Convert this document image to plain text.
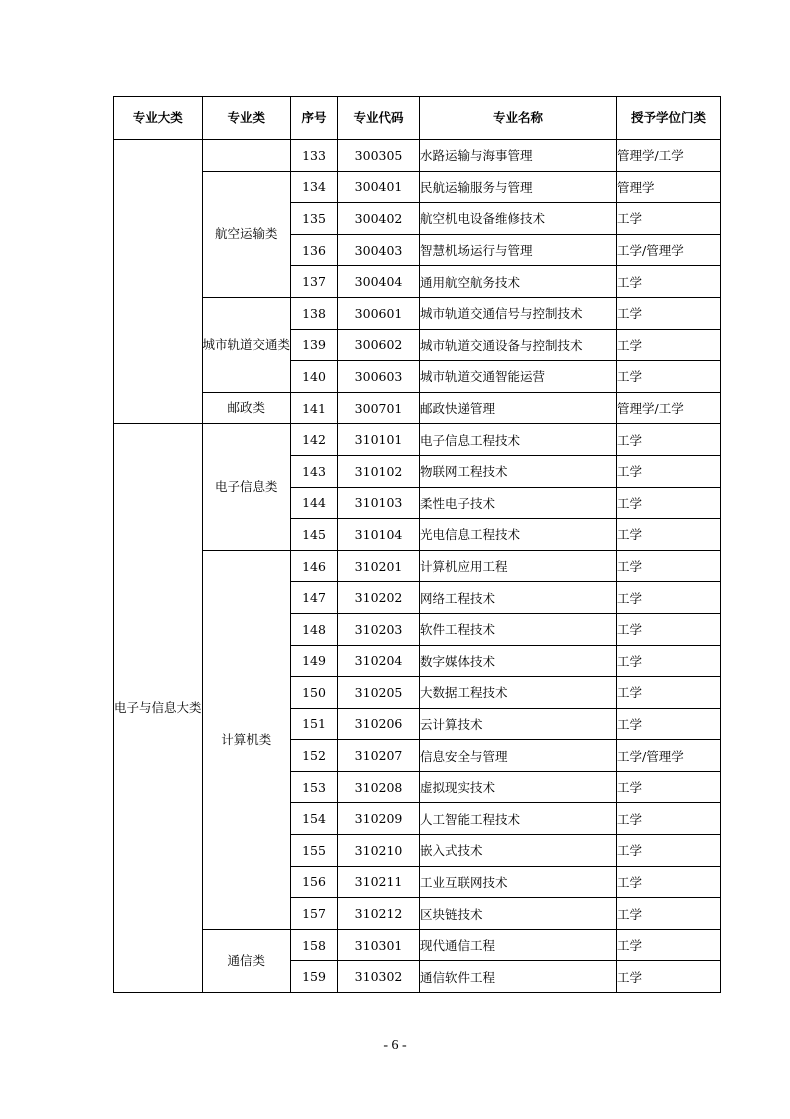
专业大类	专业类	序号	专业代码	专业名称	授予学位门类
		133	300305	水路运输与海事管理	管理学/工学
	航空运输类	134	300401	民航运输服务与管理	管理学
		135	300402	航空机电设备维修技术	工学
		136	300403	智慧机场运行与管理	工学/管理学
		137	300404	通用航空航务技术	工学
	城市轨道交通类	138	300601	城市轨道交通信号与控制技术	工学
		139	300602	城市轨道交通设备与控制技术	工学
		140	300603	城市轨道交通智能运营	工学
	邮政类	141	300701	邮政快递管理	管理学/工学
电子与信息大类	电子信息类	142	310101	电子信息工程技术	工学
		143	310102	物联网工程技术	工学
		144	310103	柔性电子技术	工学
		145	310104	光电信息工程技术	工学
	计算机类	146	310201	计算机应用工程	工学
		147	310202	网络工程技术	工学
		148	310203	软件工程技术	工学
		149	310204	数字媒体技术	工学
		150	310205	大数据工程技术	工学
		151	310206	云计算技术	工学
		152	310207	信息安全与管理	工学/管理学
		153	310208	虚拟现实技术	工学
		154	310209	人工智能工程技术	工学
		155	310210	嵌入式技术	工学
		156	310211	工业互联网技术	工学
		157	310212	区块链技术	工学
	通信类	158	310301	现代通信工程	工学
		159	310302	通信软件工程	工学
- 6 -
